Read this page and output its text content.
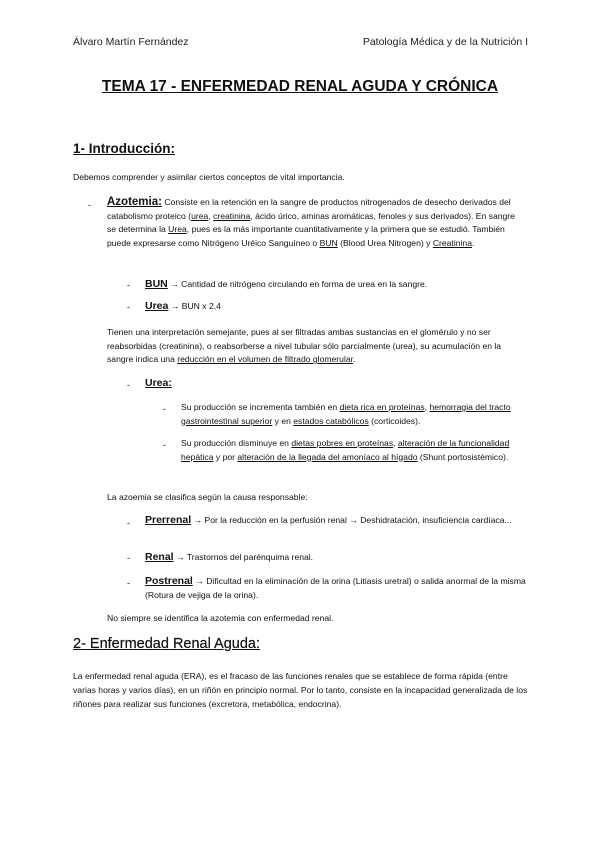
Álvaro Martín Fernández	Patología Médica y de la Nutrición I
TEMA 17 - ENFERMEDAD RENAL AGUDA Y CRÓNICA
1- Introducción:

Debemos comprender y asimilar ciertos conceptos de vital importancia.

- Azotemia: Consiste en la retención en la sangre de productos nitrogenados de desecho derivados del catabolismo proteico (urea, creatinina, ácido úrico, aminas aromáticas, fenoles y sus derivados). En sangre se determina la Urea, pues es la más importante cuantitativamente y la primera que se estudió. También puede expresarse como Nitrógeno Uréico Sanguíneo o BUN (Blood Urea Nitrogen) y Creatinina.

- BUN → Cantidad de nitrógeno circulando en forma de urea en la sangre.

- Urea → BUN x 2,4

Tienen una interpretación semejante, pues al ser filtradas ambas sustancias en el glomérulo y no ser reabsorbidas (creatinina), o reabsorberse a nivel tubular sólo parcialmente (urea), su acumulación en la sangre indica una reducción en el volumen de filtrado glomerular.

- Urea:

- Su producción se incrementa también en dieta rica en proteínas, hemorragia del tracto gastrointestinal superior y en estados catabólicos (corticoides).

- Su producción disminuye en dietas pobres en proteínas, alteración de la funcionalidad hepática y por alteración de la llegada del amoníaco al hígado (Shunt portosistémico).

La azoemia se clasifica según la causa responsable:

- Prerrenal → Por la reducción en la perfusión renal → Deshidratación, insuficiencia cardíaca...

- Renal → Trastornos del parénquima renal.

- Postrenal → Dificultad en la eliminación de la orina (Litiasis uretral) o salida anormal de la misma (Rotura de vejiga de la orina).

No siempre se identifica la azotemia con enfermedad renal.

2- Enfermedad Renal Aguda:

La enfermedad renal aguda (ERA), es el fracaso de las funciones renales que se establece de forma rápida (entre varias horas y varios días), en un riñón en principio normal. Por lo tanto, consiste en la incapacidad generalizada de los riñones para realizar sus funciones (excretora, metabólica, endocrina).
